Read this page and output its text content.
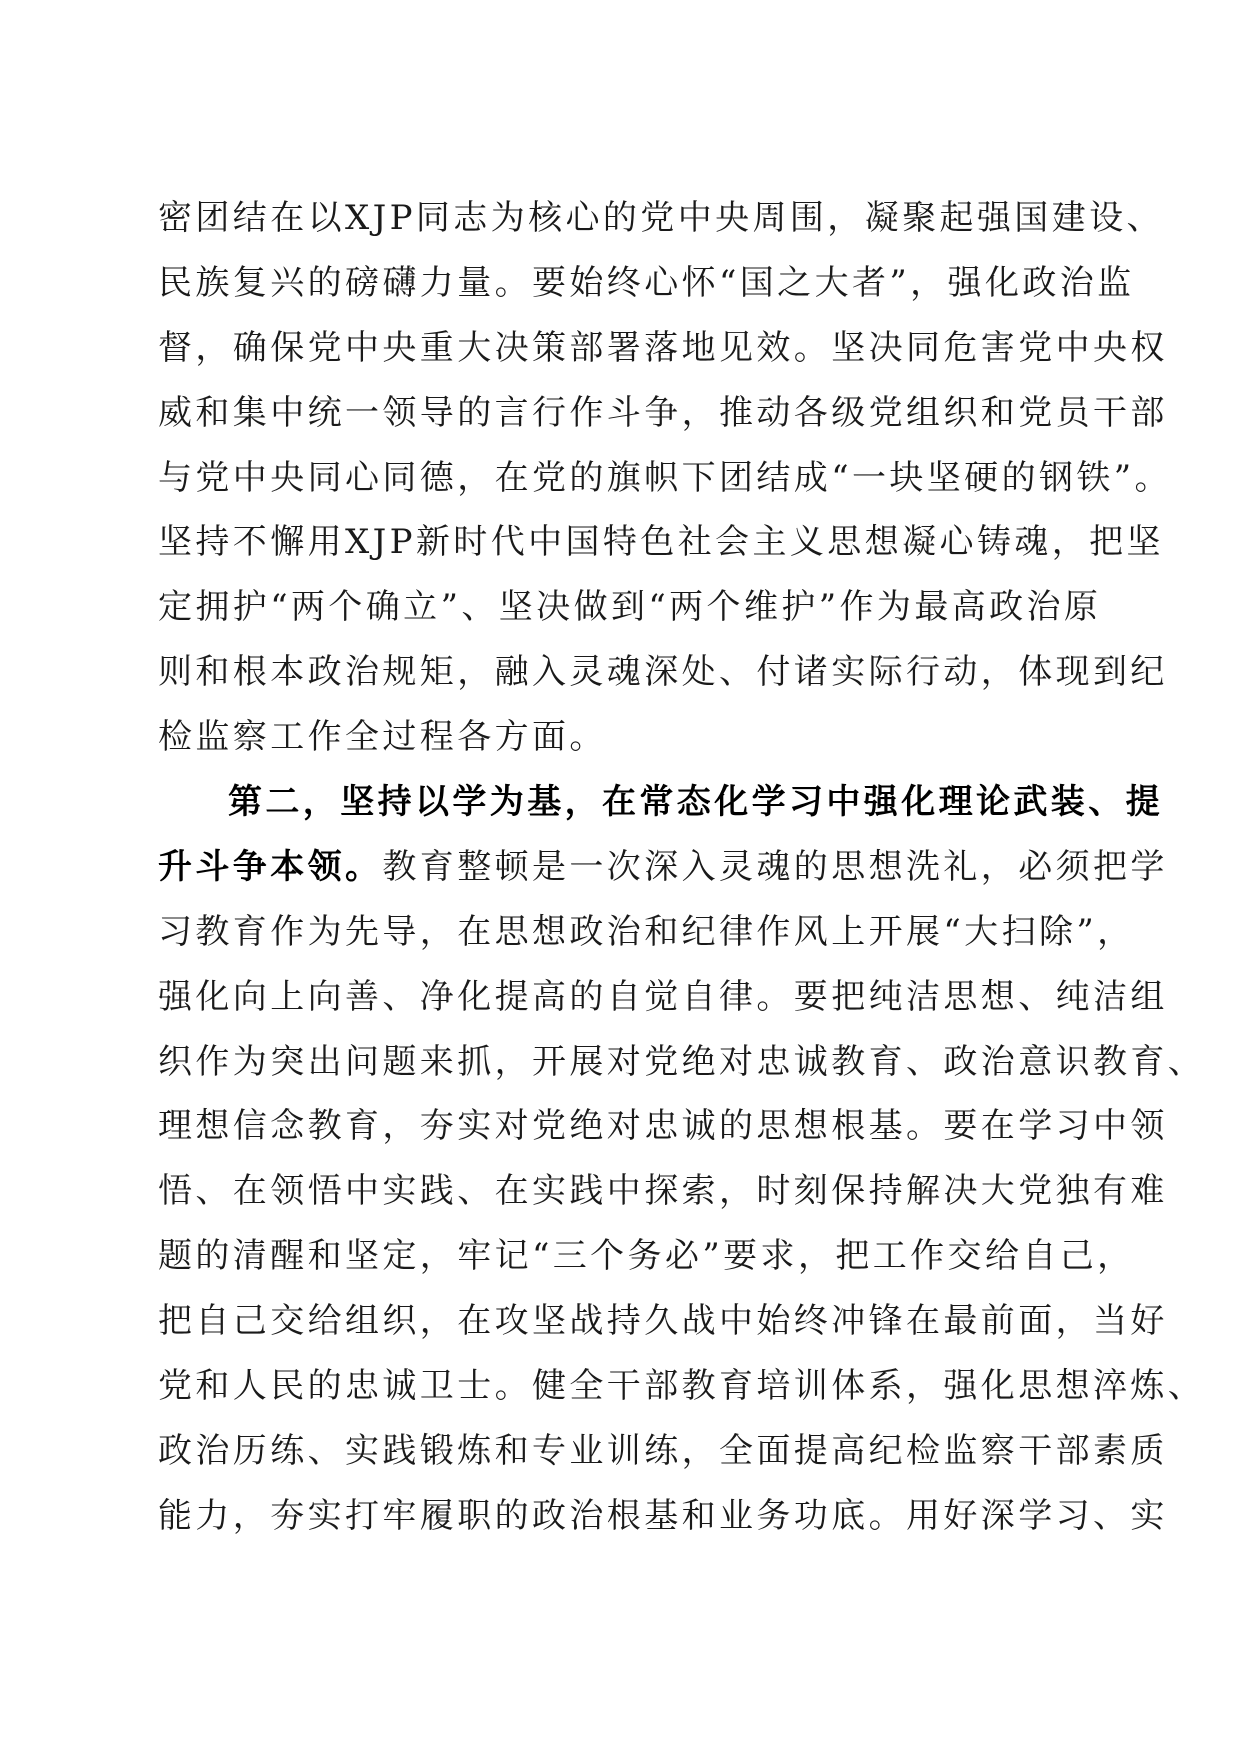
密团结在以XJP同志为核心的党中央周围，凝聚起强国建设、
民族复兴的磅礴力量。要始终心怀“国之大者”，强化政治监
督，确保党中央重大决策部署落地见效。坚决同危害党中央权
威和集中统一领导的言行作斗争，推动各级党组织和党员干部
与党中央同心同德，在党的旗帜下团结成“一块坚硬的钢铁”。
坚持不懈用XJP新时代中国特色社会主义思想凝心铸魂，把坚
定拥护“两个确立”、坚决做到“两个维护”作为最高政治原
则和根本政治规矩，融入灵魂深处、付诸实际行动，体现到纪
检监察工作全过程各方面。
第二，坚持以学为基，在常态化学习中强化理论武装、提
升斗争本领。教育整顿是一次深入灵魂的思想洗礼，必须把学
习教育作为先导，在思想政治和纪律作风上开展“大扫除”，
强化向上向善、净化提高的自觉自律。要把纯洁思想、纯洁组
织作为突出问题来抓，开展对党绝对忠诚教育、政治意识教育、
理想信念教育，夯实对党绝对忠诚的思想根基。要在学习中领
悟、在领悟中实践、在实践中探索，时刻保持解决大党独有难
题的清醒和坚定，牢记“三个务必”要求，把工作交给自己，
把自己交给组织，在攻坚战持久战中始终冲锋在最前面，当好
党和人民的忠诚卫士。健全干部教育培训体系，强化思想淬炼、
政治历练、实践锻炼和专业训练，全面提高纪检监察干部素质
能力，夯实打牢履职的政治根基和业务功底。用好深学习、实
